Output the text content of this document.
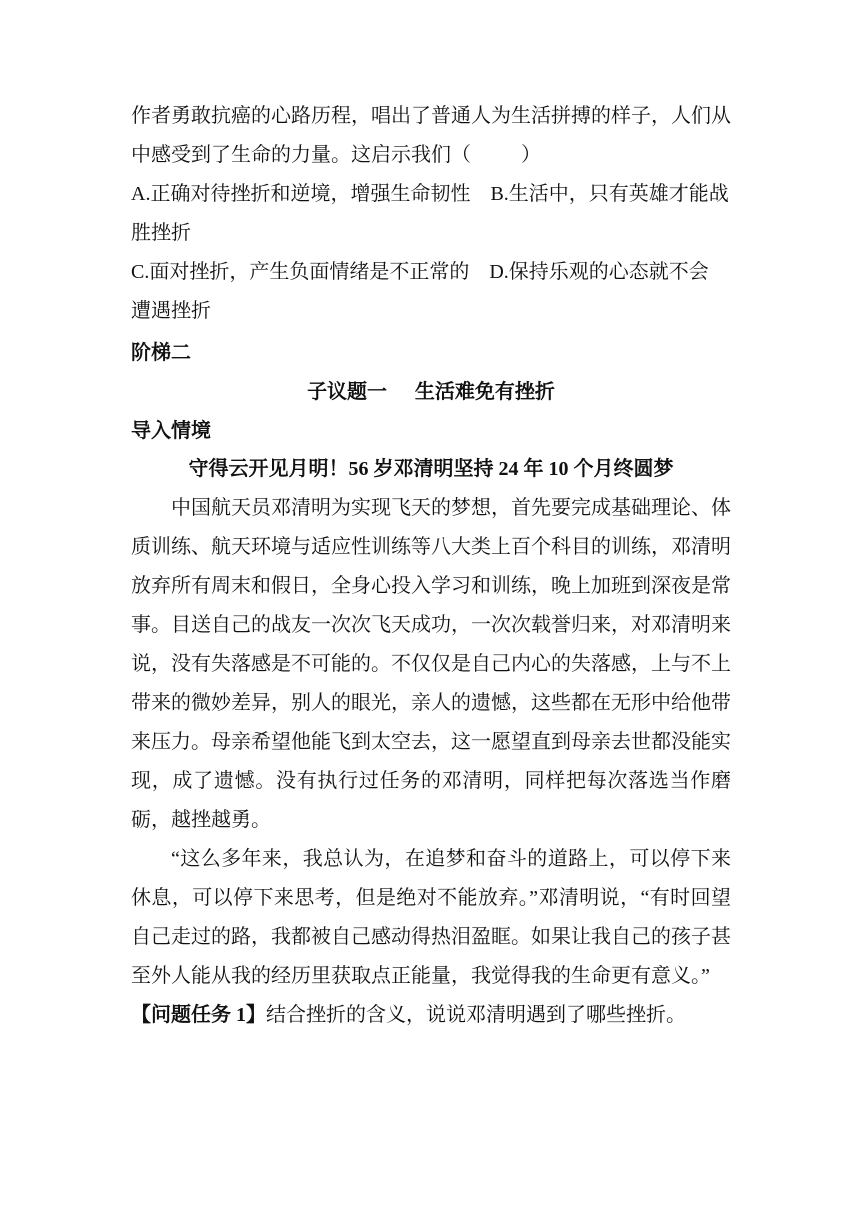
作者勇敢抗癌的心路历程，唱出了普通人为生活拼搏的样子，人们从
中感受到了生命的力量。这启示我们（          ）
A.正确对待挫折和逆境，增强生命韧性    B.生活中，只有英雄才能战
胜挫折
C.面对挫折，产生负面情绪是不正常的    D.保持乐观的心态就不会
遭遇挫折
阶梯二
子议题一    生活难免有挫折
导入情境
守得云开见月明！56 岁邓清明坚持 24 年 10 个月终圆梦

中国航天员邓清明为实现飞天的梦想，首先要完成基础理论、体质训练、航天环境与适应性训练等八大类上百个科目的训练，邓清明放弃所有周末和假日，全身心投入学习和训练，晚上加班到深夜是常事。目送自己的战友一次次飞天成功，一次次载誉归来，对邓清明来说，没有失落感是不可能的。不仅仅是自己内心的失落感，上与不上带来的微妙差异，别人的眼光，亲人的遗憾，这些都在无形中给他带来压力。母亲希望他能飞到太空去，这一愿望直到母亲去世都没能实现，成了遗憾。没有执行过任务的邓清明，同样把每次落选当作磨砺，越挫越勇。

“这么多年来，我总认为，在追梦和奋斗的道路上，可以停下来休息，可以停下来思考，但是绝对不能放弃。”邓清明说，“有时回望自己走过的路，我都被自己感动得热泪盈眶。如果让我自己的孩子甚至外人能从我的经历里获取点正能量，我觉得我的生命更有意义。”

【问题任务 1】结合挫折的含义，说说邓清明遇到了哪些挫折。
